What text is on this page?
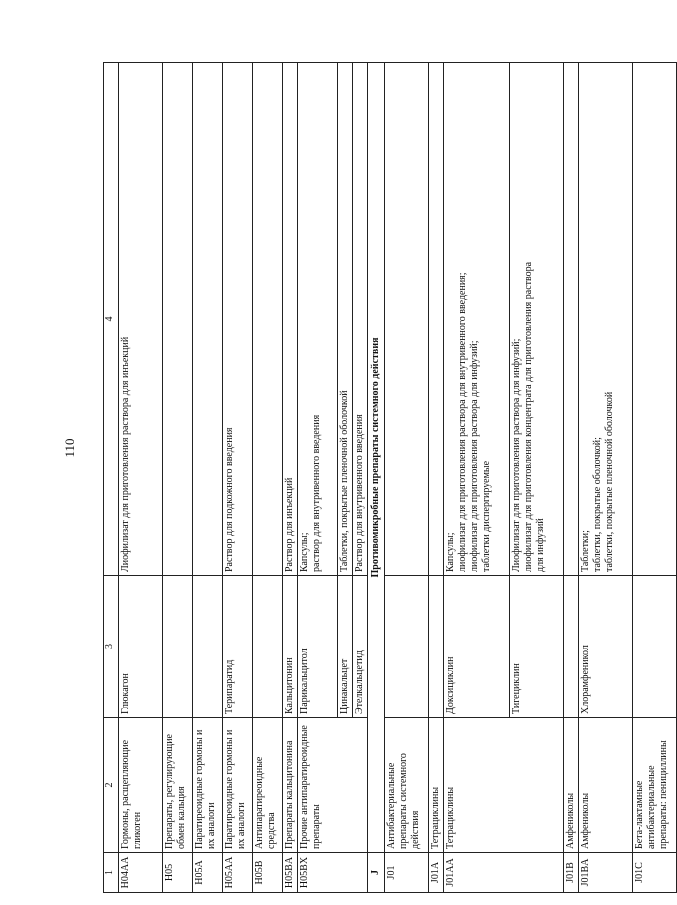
110
1	2	3	4
H04AA	Гормоны, расщепляющие гликоген	Глюкагон	Лиофилизат для приготовления раствора для инъекций

H05	Препараты, регулирующие обмен кальция		
H05A	Паратиреоидные гормоны и их аналоги		
H05AA	Паратиреоидные гормоны и их аналоги	Терипаратид	Раствор для подкожного введения

H05B	Антипаратиреоидные средства		
H05BA	Препараты кальцитонина	Кальцитонин	Раствор для инъекций

H05BX	Прочие антипаратиреоидные препараты	Парикальцитол	Капсулы; раствор для внутривенного введения

		Цинакальцет	Таблетки, покрытые пленочной оболочкой

		Этелкальцетид	Раствор для внутривенного введения

J	Противомикробные препараты системного действия		
J01	Антибактериальные препараты системного действия		
J01A	Тетрациклины		
J01AA	Тетрациклины	Доксициклин	Капсулы; лиофилизат для приготовления раствора для внутривенного введения; лиофилизат для приготовления раствора для инфузий; таблетки диспергируемые

		Тигециклин	Лиофилизат для приготовления раствора для инфузий; лиофилизат для приготовления концентрата для приготовления раствора для инфузий

J01B	Амфениколы		
J01BA	Амфениколы	Хлорамфеникол	Таблетки; таблетки, покрытые оболочкой; таблетки, покрытые пленочной оболочкой

J01C	Бета-лактамные антибактериальные препараты: пенициллины		
